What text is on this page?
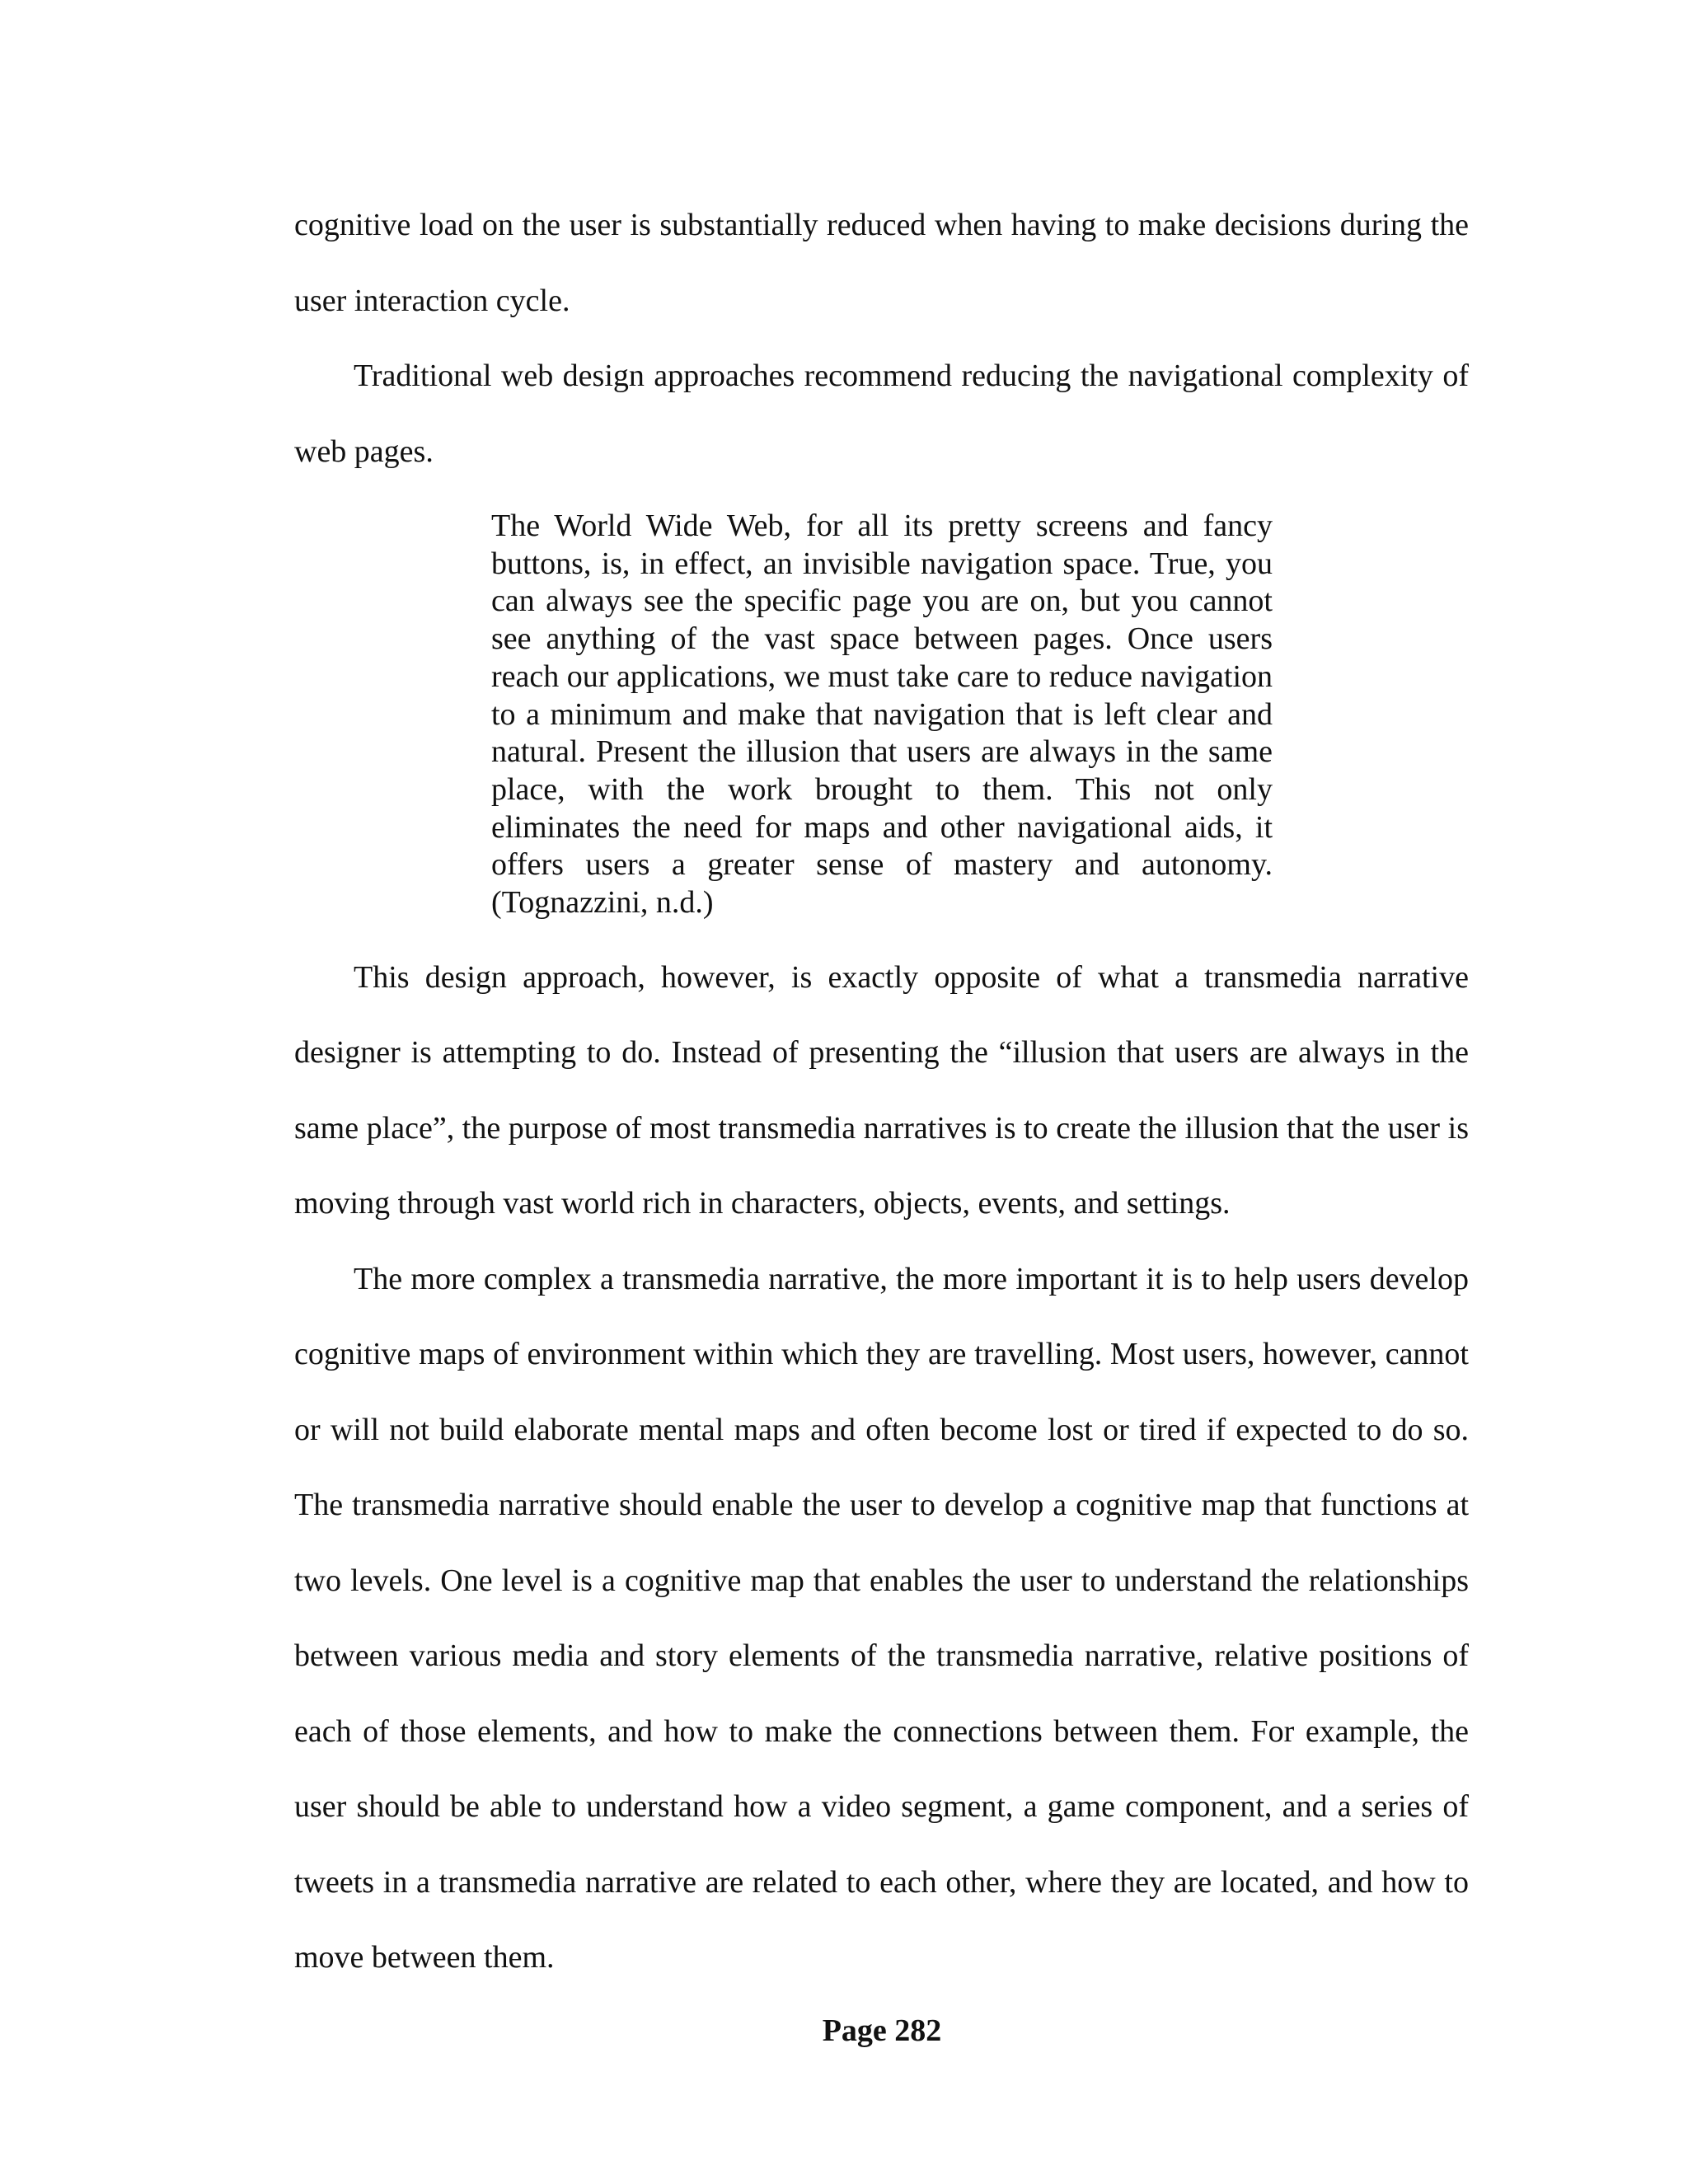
cognitive load on the user is substantially reduced when having to make decisions during the user interaction cycle.

Traditional web design approaches recommend reducing the navigational complexity of web pages.

The World Wide Web, for all its pretty screens and fancy buttons, is, in effect, an invisible navigation space. True, you can always see the specific page you are on, but you cannot see anything of the vast space between pages. Once users reach our applications, we must take care to reduce navigation to a minimum and make that navigation that is left clear and natural. Present the illusion that users are always in the same place, with the work brought to them. This not only eliminates the need for maps and other navigational aids, it offers users a greater sense of mastery and autonomy. (Tognazzini, n.d.)

This design approach, however, is exactly opposite of what a transmedia narrative designer is attempting to do. Instead of presenting the “illusion that users are always in the same place”, the purpose of most transmedia narratives is to create the illusion that the user is moving through vast world rich in characters, objects, events, and settings.

The more complex a transmedia narrative, the more important it is to help users develop cognitive maps of environment within which they are travelling. Most users, however, cannot or will not build elaborate mental maps and often become lost or tired if expected to do so. The transmedia narrative should enable the user to develop a cognitive map that functions at two levels. One level is a cognitive map that enables the user to understand the relationships between various media and story elements of the transmedia narrative, relative positions of each of those elements, and how to make the connections between them. For example, the user should be able to understand how a video segment, a game component, and a series of tweets in a transmedia narrative are related to each other, where they are located, and how to move between them.

Page 282
